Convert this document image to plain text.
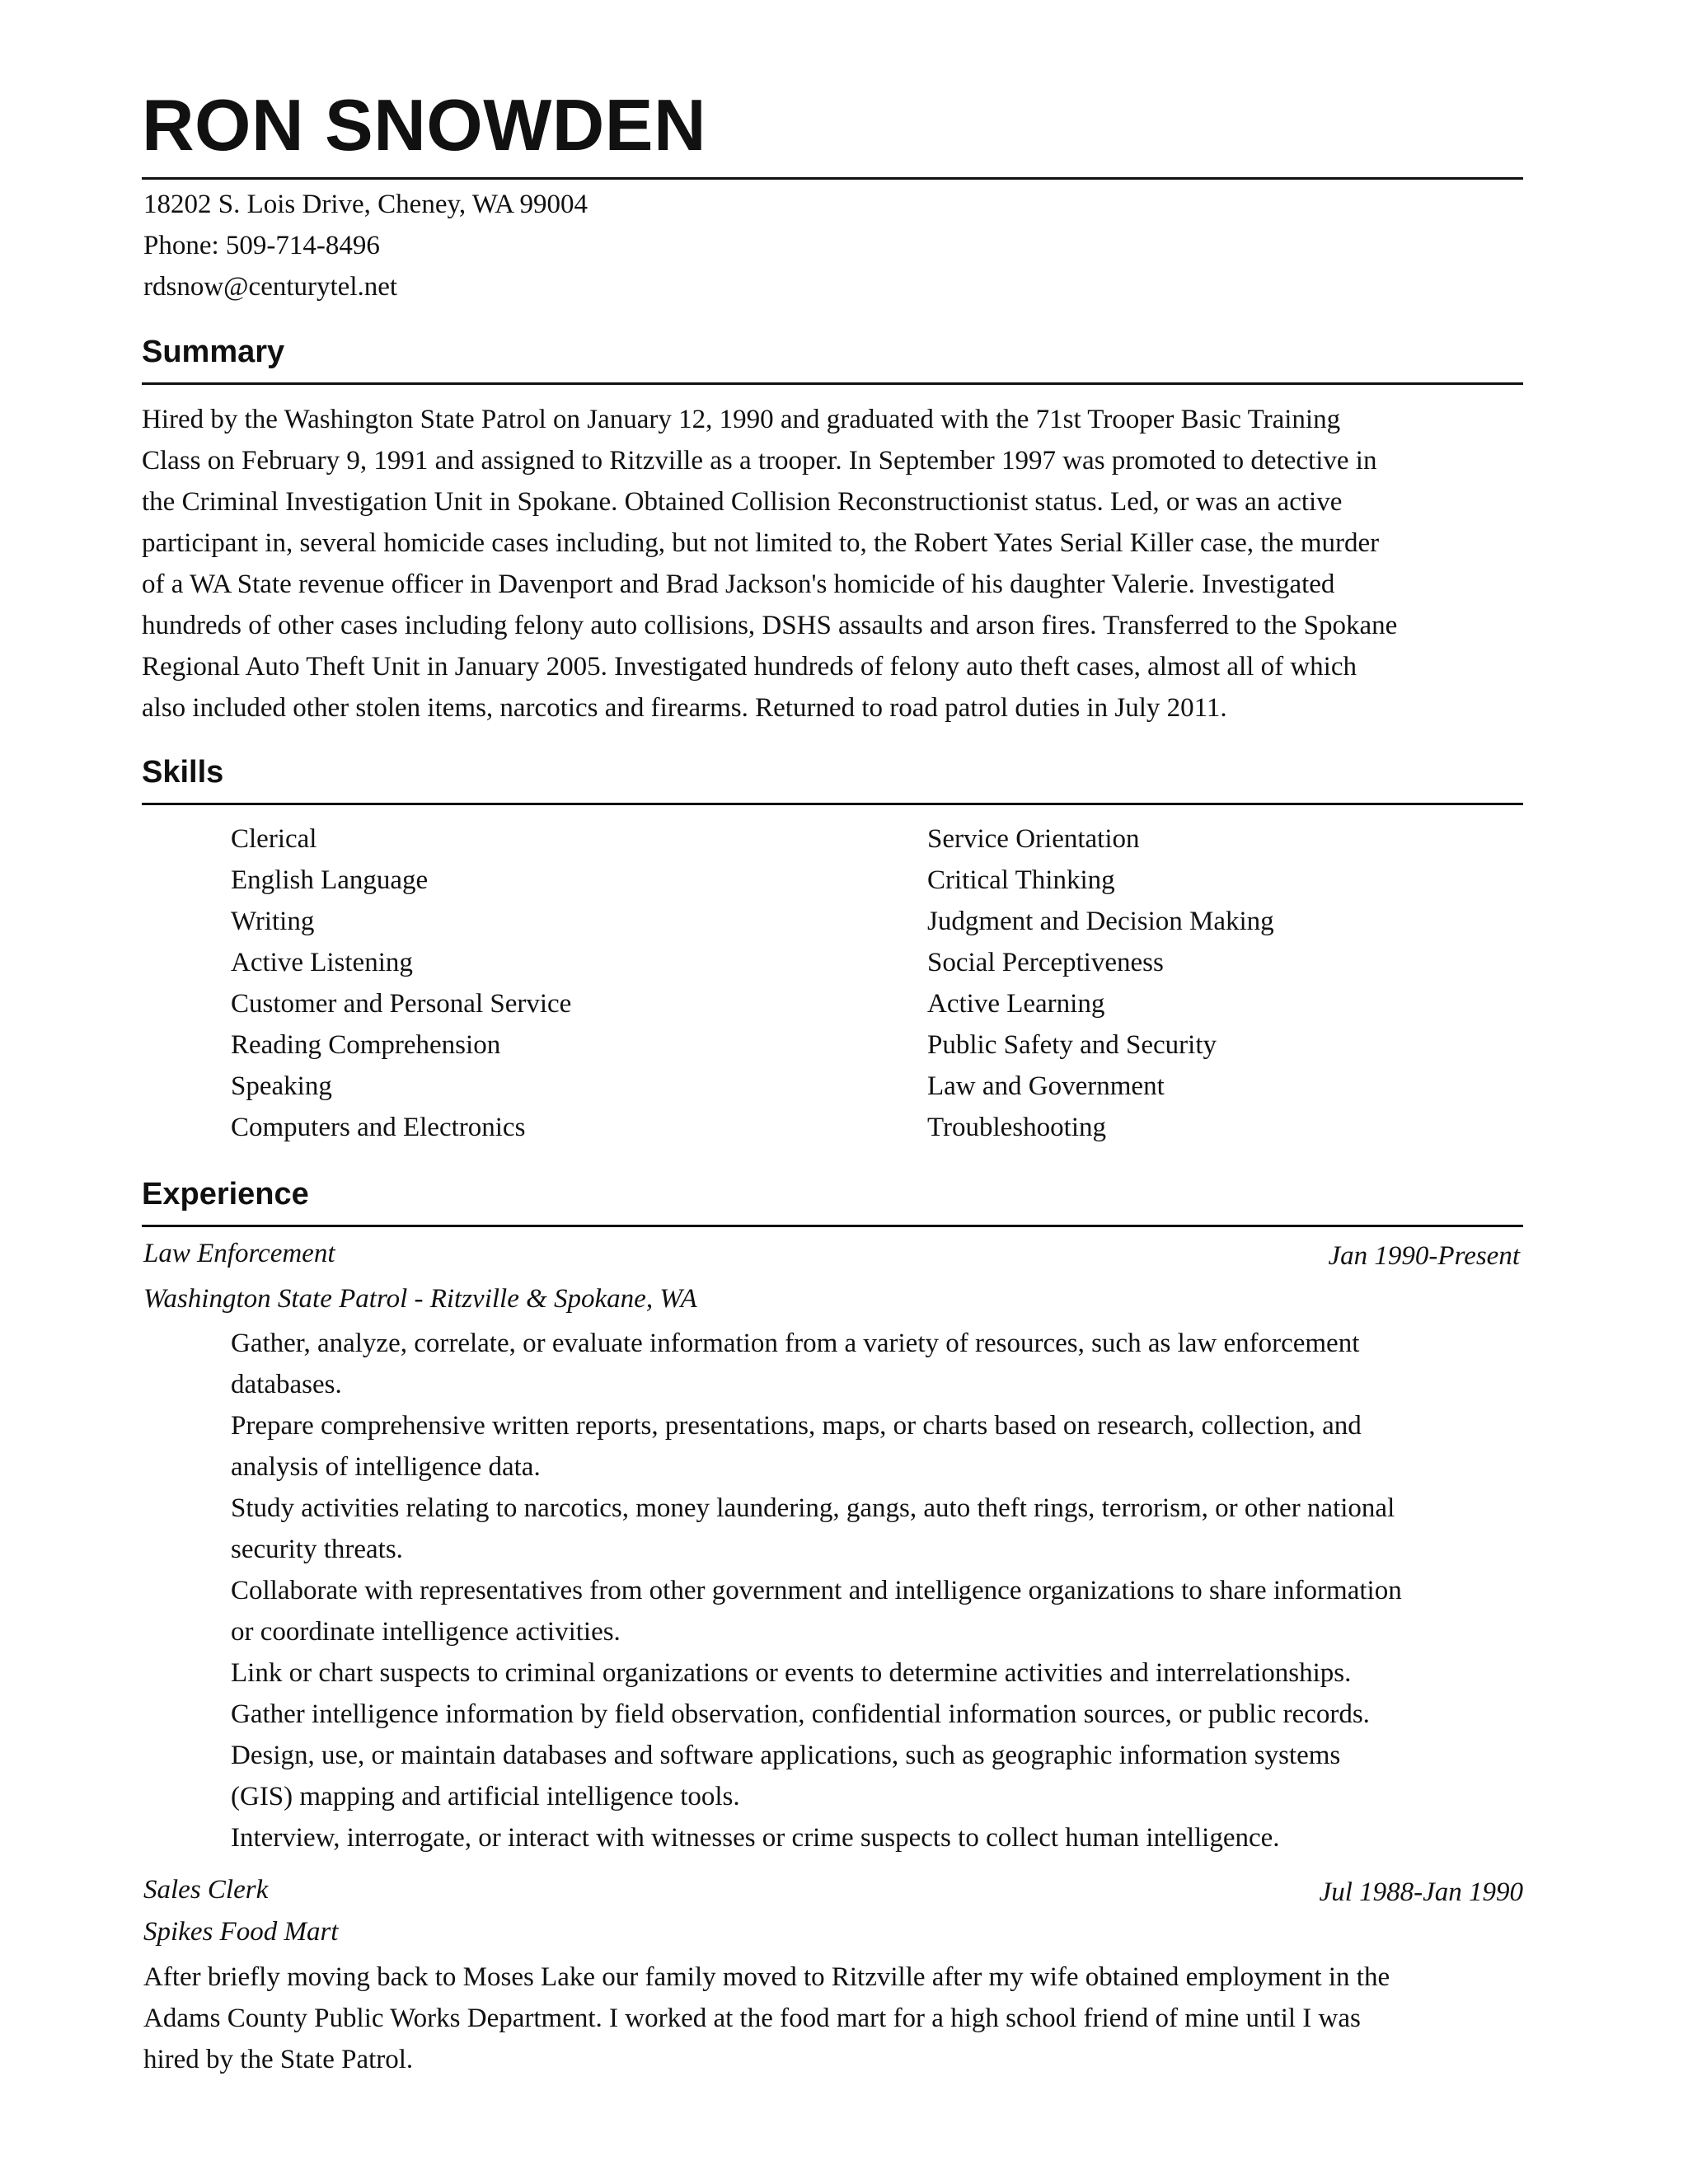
RON SNOWDEN
18202 S. Lois Drive, Cheney, WA 99004
Phone: 509-714-8496
rdsnow@centurytel.net
Summary
Hired by the Washington State Patrol on January 12, 1990 and graduated with the 71st Trooper Basic Training
Class on February 9, 1991 and assigned to Ritzville as a trooper. In September 1997 was promoted to detective in
the Criminal Investigation Unit in Spokane. Obtained Collision Reconstructionist status. Led, or was an active
participant in, several homicide cases including, but not limited to, the Robert Yates Serial Killer case, the murder
of a WA State revenue officer in Davenport and Brad Jackson's homicide of his daughter Valerie. Investigated
hundreds of other cases including felony auto collisions, DSHS assaults and arson fires. Transferred to the Spokane
Regional Auto Theft Unit in January 2005. Investigated hundreds of felony auto theft cases, almost all of which
also included other stolen items, narcotics and firearms. Returned to road patrol duties in July 2011.
Skills
Clerical
English Language
Writing
Active Listening
Customer and Personal Service
Reading Comprehension
Speaking
Computers and Electronics
Service Orientation
Critical Thinking
Judgment and Decision Making
Social Perceptiveness
Active Learning
Public Safety and Security
Law and Government
Troubleshooting
Experience
Law Enforcement	Jan 1990-Present
Washington State Patrol - Ritzville & Spokane, WA
Gather, analyze, correlate, or evaluate information from a variety of resources, such as law enforcement
databases.
Prepare comprehensive written reports, presentations, maps, or charts based on research, collection, and
analysis of intelligence data.
Study activities relating to narcotics, money laundering, gangs, auto theft rings, terrorism, or other national
security threats.
Collaborate with representatives from other government and intelligence organizations to share information
or coordinate intelligence activities.
Link or chart suspects to criminal organizations or events to determine activities and interrelationships.
Gather intelligence information by field observation, confidential information sources, or public records.
Design, use, or maintain databases and software applications, such as geographic information systems
(GIS) mapping and artificial intelligence tools.
Interview, interrogate, or interact with witnesses or crime suspects to collect human intelligence.
Sales Clerk	Jul 1988-Jan 1990
Spikes Food Mart
After briefly moving back to Moses Lake our family moved to Ritzville after my wife obtained employment in the
Adams County Public Works Department. I worked at the food mart for a high school friend of mine until I was
hired by the State Patrol.
